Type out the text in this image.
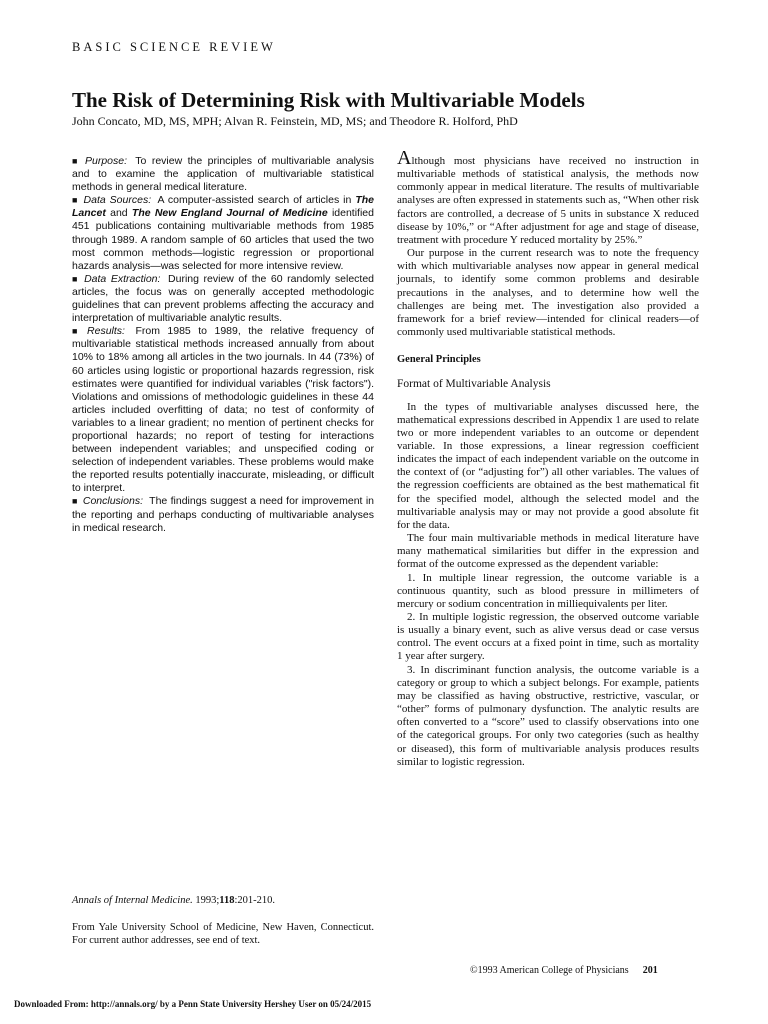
BASIC SCIENCE REVIEW
The Risk of Determining Risk with Multivariable Models
John Concato, MD, MS, MPH; Alvan R. Feinstein, MD, MS; and Theodore R. Holford, PhD

■ Purpose: To review the principles of multivariable analysis and to examine the application of multivariable statistical methods in general medical literature.

■ Data Sources: A computer-assisted search of articles in The Lancet and The New England Journal of Medicine identified 451 publications containing multivariable methods from 1985 through 1989. A random sample of 60 articles that used the two most common methods—logistic regression or proportional hazards analysis—was selected for more intensive review.

■ Data Extraction: During review of the 60 randomly selected articles, the focus was on generally accepted methodologic guidelines that can prevent problems affecting the accuracy and interpretation of multivariable analytic results.

■ Results: From 1985 to 1989, the relative frequency of multivariable statistical methods increased annually from about 10% to 18% among all articles in the two journals. In 44 (73%) of 60 articles using logistic or proportional hazards regression, risk estimates were quantified for individual variables ("risk factors"). Violations and omissions of methodologic guidelines in these 44 articles included overfitting of data; no test of conformity of variables to a linear gradient; no mention of pertinent checks for proportional hazards; no report of testing for interactions between independent variables; and unspecified coding or selection of independent variables. These problems would make the reported results potentially inaccurate, misleading, or difficult to interpret.

■ Conclusions: The findings suggest a need for improvement in the reporting and perhaps conducting of multivariable analyses in medical research.

Annals of Internal Medicine. 1993;118:201-210.

From Yale University School of Medicine, New Haven, Connecticut. For current author addresses, see end of text.

Although most physicians have received no instruction in multivariable methods of statistical analysis, the methods now commonly appear in medical literature. The results of multivariable analyses are often expressed in statements such as, “When other risk factors are controlled, a decrease of 5 units in substance X reduced disease by 10%,” or “After adjustment for age and stage of disease, treatment with procedure Y reduced mortality by 25%.”

Our purpose in the current research was to note the frequency with which multivariable analyses now appear in general medical journals, to identify some common problems and desirable precautions in the analyses, and to determine how well the challenges are being met. The investigation also provided a framework for a brief review—intended for clinical readers—of commonly used multivariable statistical methods.

General Principles
Format of Multivariable Analysis

In the types of multivariable analyses discussed here, the mathematical expressions described in Appendix 1 are used to relate two or more independent variables to an outcome or dependent variable. In those expressions, a linear regression coefficient indicates the impact of each independent variable on the outcome in the context of (or “adjusting for”) all other variables. The values of the regression coefficients are obtained as the best mathematical fit for the specified model, although the selected model and the multivariable analysis may or may not provide a good absolute fit for the data.

The four main multivariable methods in medical literature have many mathematical similarities but differ in the expression and format of the outcome expressed as the dependent variable:

1. In multiple linear regression, the outcome variable is a continuous quantity, such as blood pressure in millimeters of mercury or sodium concentration in milliequivalents per liter.

2. In multiple logistic regression, the observed outcome variable is usually a binary event, such as alive versus dead or case versus control. The event occurs at a fixed point in time, such as mortality 1 year after surgery.

3. In discriminant function analysis, the outcome variable is a category or group to which a subject belongs. For example, patients may be classified as having obstructive, restrictive, vascular, or “other” forms of pulmonary dysfunction. The analytic results are often converted to a “score” used to classify observations into one of the categorical groups. For only two categories (such as healthy or diseased), this form of multivariable analysis produces results similar to logistic regression.

©1993 American College of Physicians 201
Downloaded From: http://annals.org/ by a Penn State University Hershey User on 05/24/2015
